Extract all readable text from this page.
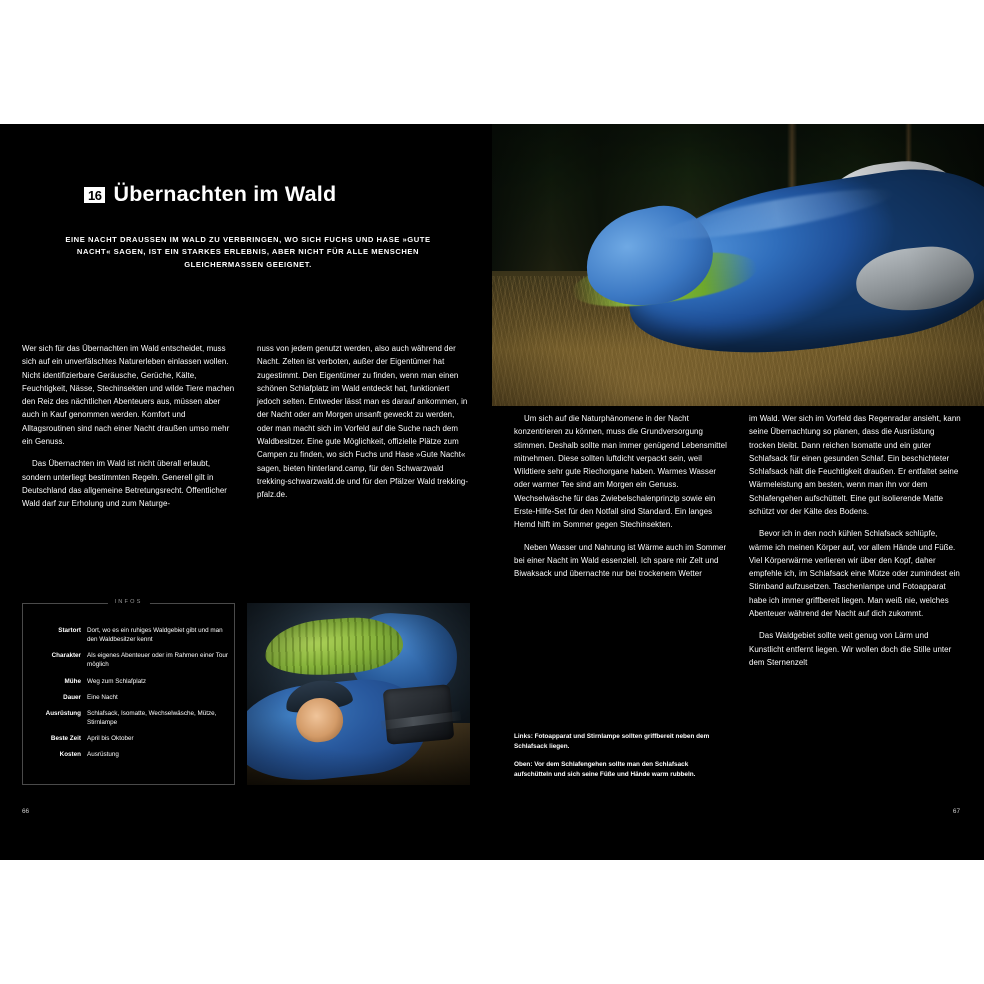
16 Übernachten im Wald
EINE NACHT DRAUSSEN IM WALD ZU VERBRINGEN, WO SICH FUCHS UND HASE »GUTE NACHT« SAGEN, IST EIN STARKES ERLEBNIS, ABER NICHT FÜR ALLE MENSCHEN GLEICHERMASSEN GEEIGNET.

Wer sich für das Übernachten im Wald entscheidet, muss sich auf ein unverfälschtes Naturerleben einlassen wollen. Nicht identifizierbare Geräusche, Gerüche, Kälte, Feuchtigkeit, Nässe, Stechinsekten und wilde Tiere machen den Reiz des nächtlichen Abenteuers aus, müssen aber auch in Kauf genommen werden. Komfort und Alltagsroutinen sind nach einer Nacht draußen umso mehr ein Genuss.

Das Übernachten im Wald ist nicht überall erlaubt, sondern unterliegt bestimmten Regeln. Generell gilt in Deutschland das allgemeine Betretungsrecht. Öffentlicher Wald darf zur Erholung und zum Naturge-

nuss von jedem genutzt werden, also auch während der Nacht. Zelten ist verboten, außer der Eigentümer hat zugestimmt. Den Eigentümer zu finden, wenn man einen schönen Schlafplatz im Wald entdeckt hat, funktioniert jedoch selten. Entweder lässt man es darauf ankommen, in der Nacht oder am Morgen unsanft geweckt zu werden, oder man macht sich im Vorfeld auf die Suche nach dem Waldbesitzer. Eine gute Möglichkeit, offizielle Plätze zum Campen zu finden, wo sich Fuchs und Hase »Gute Nacht« sagen, bieten hinterland.camp, für den Schwarzwald trekking-schwarzwald.de und für den Pfälzer Wald trekking-pfalz.de.

INFOS
Startort Dort, wo es ein ruhiges Waldgebiet gibt und man den Waldbesitzer kennt
Charakter Als eigenes Abenteuer oder im Rahmen einer Tour möglich
Mühe Weg zum Schlafplatz
Dauer Eine Nacht
Ausrüstung Schlafsack, Isomatte, Wechselwäsche, Mütze, Stirnlampe
Beste Zeit April bis Oktober
Kosten Ausrüstung
66

Um sich auf die Naturphänomene in der Nacht konzentrieren zu können, muss die Grundversorgung stimmen. Deshalb sollte man immer genügend Lebensmittel mitnehmen. Diese sollten luftdicht verpackt sein, weil Wildtiere sehr gute Riechorgane haben. Warmes Wasser oder warmer Tee sind am Morgen ein Genuss. Wechselwäsche für das Zwiebelschalenprinzip sowie ein Erste-Hilfe-Set für den Notfall sind Standard. Ein langes Hemd hilft im Sommer gegen Stechinsekten.

Neben Wasser und Nahrung ist Wärme auch im Sommer bei einer Nacht im Wald essenziell. Ich spare mir Zelt und Biwaksack und übernachte nur bei trockenem Wetter

im Wald. Wer sich im Vorfeld das Regenradar ansieht, kann seine Übernachtung so planen, dass die Ausrüstung trocken bleibt. Dann reichen Isomatte und ein guter Schlafsack für einen gesunden Schlaf. Ein beschichteter Schlafsack hält die Feuchtigkeit draußen. Er entfaltet seine Wärmeleistung am besten, wenn man ihn vor dem Schlafengehen aufschüttelt. Eine gut isolierende Matte schützt vor der Kälte des Bodens.

Bevor ich in den noch kühlen Schlafsack schlüpfe, wärme ich meinen Körper auf, vor allem Hände und Füße. Viel Körperwärme verlieren wir über den Kopf, daher empfehle ich, im Schlafsack eine Mütze oder zumindest ein Stirnband aufzusetzen. Taschenlampe und Fotoapparat habe ich immer griffbereit liegen. Man weiß nie, welches Abenteuer während der Nacht auf dich zukommt.

Das Waldgebiet sollte weit genug von Lärm und Kunstlicht entfernt liegen. Wir wollen doch die Stille unter dem Sternenzelt

Links: Fotoapparat und Stirnlampe sollten griffbereit neben dem Schlafsack liegen.

Oben: Vor dem Schlafengehen sollte man den Schlafsack aufschütteln und sich seine Füße und Hände warm rubbeln.

67
